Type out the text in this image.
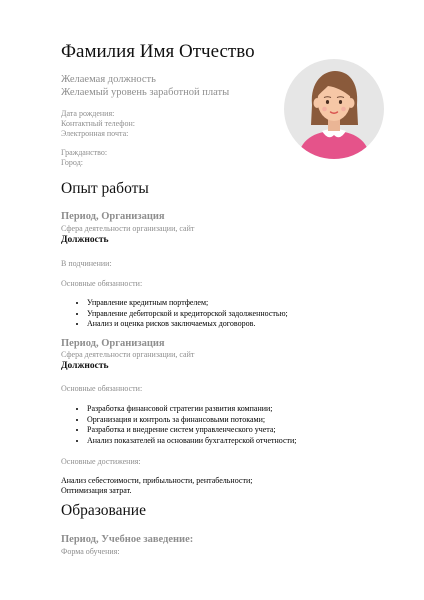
Фамилия Имя Отчество
Желаемая должность
Желаемый уровень заработной платы
Дата рождения:
Контактный телефон:
Электронная почта:
Гражданство:
Город:
Опыт работы
Период, Организация
Сфера деятельности организации, сайт
Должность
В подчинении:
Основные обязанности:
• Управление кредитным портфелем;
• Управление дебиторской и кредиторской задолженностью;
• Анализ и оценка рисков заключаемых договоров.
Период, Организация
Сфера деятельности организации, сайт
Должность
Основные обязанности:
• Разработка финансовой стратегии развития компании;
• Организация и контроль за финансовыми потоками;
• Разработка и внедрение систем управленческого учета;
• Анализ показателей на основании бухгалтерской отчетности;
Основные достижения:
Анализ себестоимости, прибыльности, рентабельности;
Оптимизация затрат.
Образование
Период, Учебное заведение:
Форма обучения:
